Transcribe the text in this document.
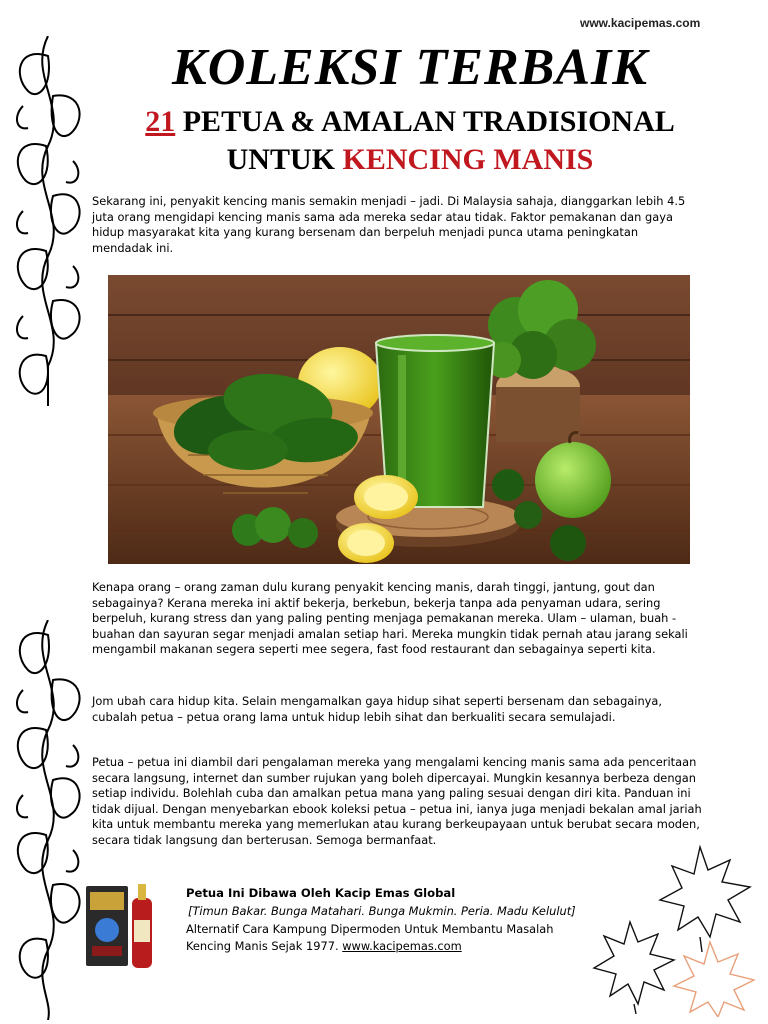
www.kacipemas.com
KOLEKSI TERBAIK
21 PETUA & AMALAN TRADISIONAL
UNTUK KENCING MANIS

Sekarang ini, penyakit kencing manis semakin menjadi – jadi. Di Malaysia sahaja, dianggarkan lebih 4.5 juta orang mengidapi kencing manis sama ada mereka sedar atau tidak. Faktor pemakanan dan gaya hidup masyarakat kita yang kurang bersenam dan berpeluh menjadi punca utama peningkatan mendadak ini.

Kenapa orang – orang zaman dulu kurang penyakit kencing manis, darah tinggi, jantung, gout dan sebagainya? Kerana mereka ini aktif bekerja, berkebun, bekerja tanpa ada penyaman udara, sering berpeluh, kurang stress dan yang paling penting menjaga pemakanan mereka. Ulam – ulaman, buah - buahan dan sayuran segar menjadi amalan setiap hari. Mereka mungkin tidak pernah atau jarang sekali mengambil makanan segera seperti mee segera, fast food restaurant dan sebagainya seperti kita.

Jom ubah cara hidup kita. Selain mengamalkan gaya hidup sihat seperti bersenam dan sebagainya, cubalah petua – petua orang lama untuk hidup lebih sihat dan berkualiti secara semulajadi.

Petua – petua ini diambil dari pengalaman mereka yang mengalami kencing manis sama ada penceritaan secara langsung, internet dan sumber rujukan yang boleh dipercayai. Mungkin kesannya berbeza dengan setiap individu. Bolehlah cuba dan amalkan petua mana yang paling sesuai dengan diri kita. Panduan ini tidak dijual. Dengan menyebarkan ebook koleksi petua – petua ini, ianya juga menjadi bekalan amal jariah kita untuk membantu mereka yang memerlukan atau kurang berkeupayaan untuk berubat secara moden, secara tidak langsung dan berterusan. Semoga bermanfaat.

Petua Ini Dibawa Oleh Kacip Emas Global
[Timun Bakar. Bunga Matahari. Bunga Mukmin. Peria. Madu Kelulut]
Alternatif Cara Kampung Dipermoden Untuk Membantu Masalah
Kencing Manis Sejak 1977. www.kacipemas.com
